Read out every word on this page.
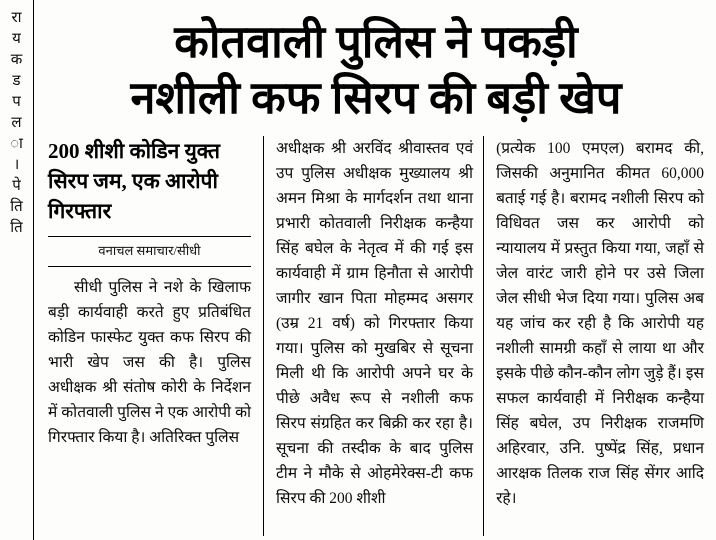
रा
य
क
ड
प
ल
ा
।
पे
ति
ति
कोतवाली पुलिस ने पकड़ी
नशीली कफ सिरप की बड़ी खेप
200 शीशी कोडिन युक्त सिरप जम, एक आरोपी गिरफ्तार
वनाचल समाचार/सीधी
सीधी पुलिस ने नशे के खिलाफ बड़ी कार्यवाही करते हुए प्रतिबंधित कोडिन फास्फेट युक्त कफ सिरप की भारी खेप जस की है। पुलिस अधीक्षक श्री संतोष कोरी के निर्देशन में कोतवाली पुलिस ने एक आरोपी को गिरफ्तार किया है। अतिरिक्त पुलिस
अधीक्षक श्री अरविंद श्रीवास्तव एवं उप पुलिस अधीक्षक मुख्यालय श्री अमन मिश्रा के मार्गदर्शन तथा थाना प्रभारी कोतवाली निरीक्षक कन्हैया सिंह बघेल के नेतृत्व में की गई इस कार्यवाही में ग्राम हिनौता से आरोपी जागीर खान पिता मोहम्मद असगर (उम्र 21 वर्ष) को गिरफ्तार किया गया। पुलिस को मुखबिर से सूचना मिली थी कि आरोपी अपने घर के पीछे अवैध रूप से नशीली कफ सिरप संग्रहित कर बिक्री कर रहा है। सूचना की तस्दीक के बाद पुलिस टीम ने मौके से ओहमेरेक्स-टी कफ सिरप की 200 शीशी
(प्रत्येक 100 एमएल) बरामद की, जिसकी अनुमानित कीमत 60,000 बताई गई है। बरामद नशीली सिरप को विधिवत जस कर आरोपी को न्यायालय में प्रस्तुत किया गया, जहाँ से जेल वारंट जारी होने पर उसे जिला जेल सीधी भेज दिया गया। पुलिस अब यह जांच कर रही है कि आरोपी यह नशीली सामग्री कहाँ से लाया था और इसके पीछे कौन-कौन लोग जुड़े हैं। इस सफल कार्यवाही में निरीक्षक कन्हैया सिंह बघेल, उप निरीक्षक राजमणि अहिरवार, उनि. पुष्पेंद्र सिंह, प्रधान आरक्षक तिलक राज सिंह सेंगर आदि रहे।
